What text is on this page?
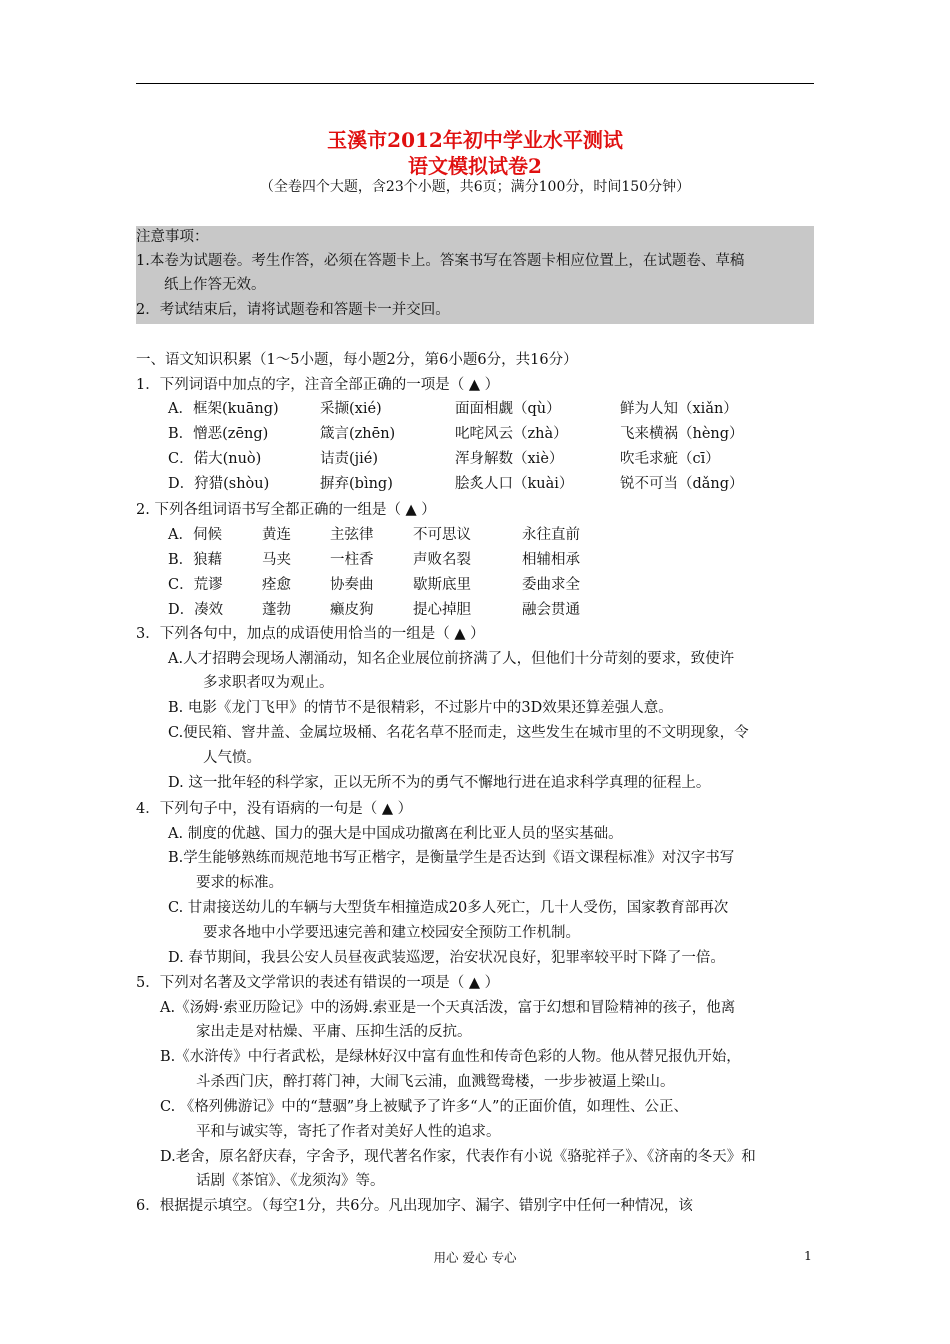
玉溪市2012年初中学业水平测试
语文模拟试卷2
（全卷四个大题，含23个小题，共6页；满分100分，时间150分钟）
注意事项：
1.本卷为试题卷。考生作答，必须在答题卡上。答案书写在答题卡相应位置上，在试题卷、草稿
纸上作答无效。
2．考试结束后，请将试题卷和答题卡一并交回。
一、语文知识积累（1～5小题，每小题2分，第6小题6分，共16分）
1．下列词语中加点的字，注音全部正确的一项是（ ▲ ）
A．框架(kuāng)	采撷(xié)	面面相觑（qù）	鲜为人知（xiǎn）
B．憎恶(zēng)	箴言(zhēn)	叱咤风云（zhà）	飞来横祸（hèng）
C．偌大(nuò)	诘责(jié)	浑身解数（xiè）	吹毛求疵（cī）
D．狩猎(shòu)	摒弃(bìng)	脍炙人口（kuài）	锐不可当（dǎng）
2. 下列各组词语书写全都正确的一组是（ ▲ ）
A．伺候	黄连	主弦律	不可思议	永往直前
B．狼藉	马夹	一柱香	声败名裂	相辅相承
C．荒谬	痊愈	协奏曲	歇斯底里	委曲求全
D．凑效	蓬勃	癞皮狗	提心掉胆	融会贯通
3．下列各句中，加点的成语使用恰当的一组是（ ▲ ）
A.人才招聘会现场人潮涌动，知名企业展位前挤满了人，但他们十分苛刻的要求，致使许
多求职者叹为观止。
B. 电影《龙门飞甲》的情节不是很精彩，不过影片中的3D效果还算差强人意。
C.便民箱、窨井盖、金属垃圾桶、名花名草不胫而走，这些发生在城市里的不文明现象，令
人气愤。
D. 这一批年轻的科学家，正以无所不为的勇气不懈地行进在追求科学真理的征程上。
4．下列句子中，没有语病的一句是（ ▲ ）
A. 制度的优越、国力的强大是中国成功撤离在利比亚人员的坚实基础。
B.学生能够熟练而规范地书写正楷字，是衡量学生是否达到《语文课程标准》对汉字书写
要求的标准。
C. 甘肃接送幼儿的车辆与大型货车相撞造成20多人死亡，几十人受伤，国家教育部再次
要求各地中小学要迅速完善和建立校园安全预防工作机制。
D. 春节期间，我县公安人员昼夜武装巡逻，治安状况良好，犯罪率较平时下降了一倍。
5．下列对名著及文学常识的表述有错误的一项是（ ▲ ）
A.《汤姆·索亚历险记》中的汤姆.索亚是一个天真活泼，富于幻想和冒险精神的孩子，他离
家出走是对枯燥、平庸、压抑生活的反抗。
B.《水浒传》中行者武松，是绿林好汉中富有血性和传奇色彩的人物。他从替兄报仇开始，
斗杀西门庆，醉打蒋门神，大闹飞云浦，血溅鸳鸯楼，一步步被逼上梁山。
C. 《格列佛游记》中的“慧骃”身上被赋予了许多“人”的正面价值，如理性、公正、
平和与诚实等，寄托了作者对美好人性的追求。
D.老舍，原名舒庆春，字舍予，现代著名作家，代表作有小说《骆驼祥子》、《济南的冬天》和
话剧《茶馆》、《龙须沟》等。
6．根据提示填空。（每空1分，共6分。凡出现加字、漏字、错别字中任何一种情况，该
用心 爱心 专心	1
